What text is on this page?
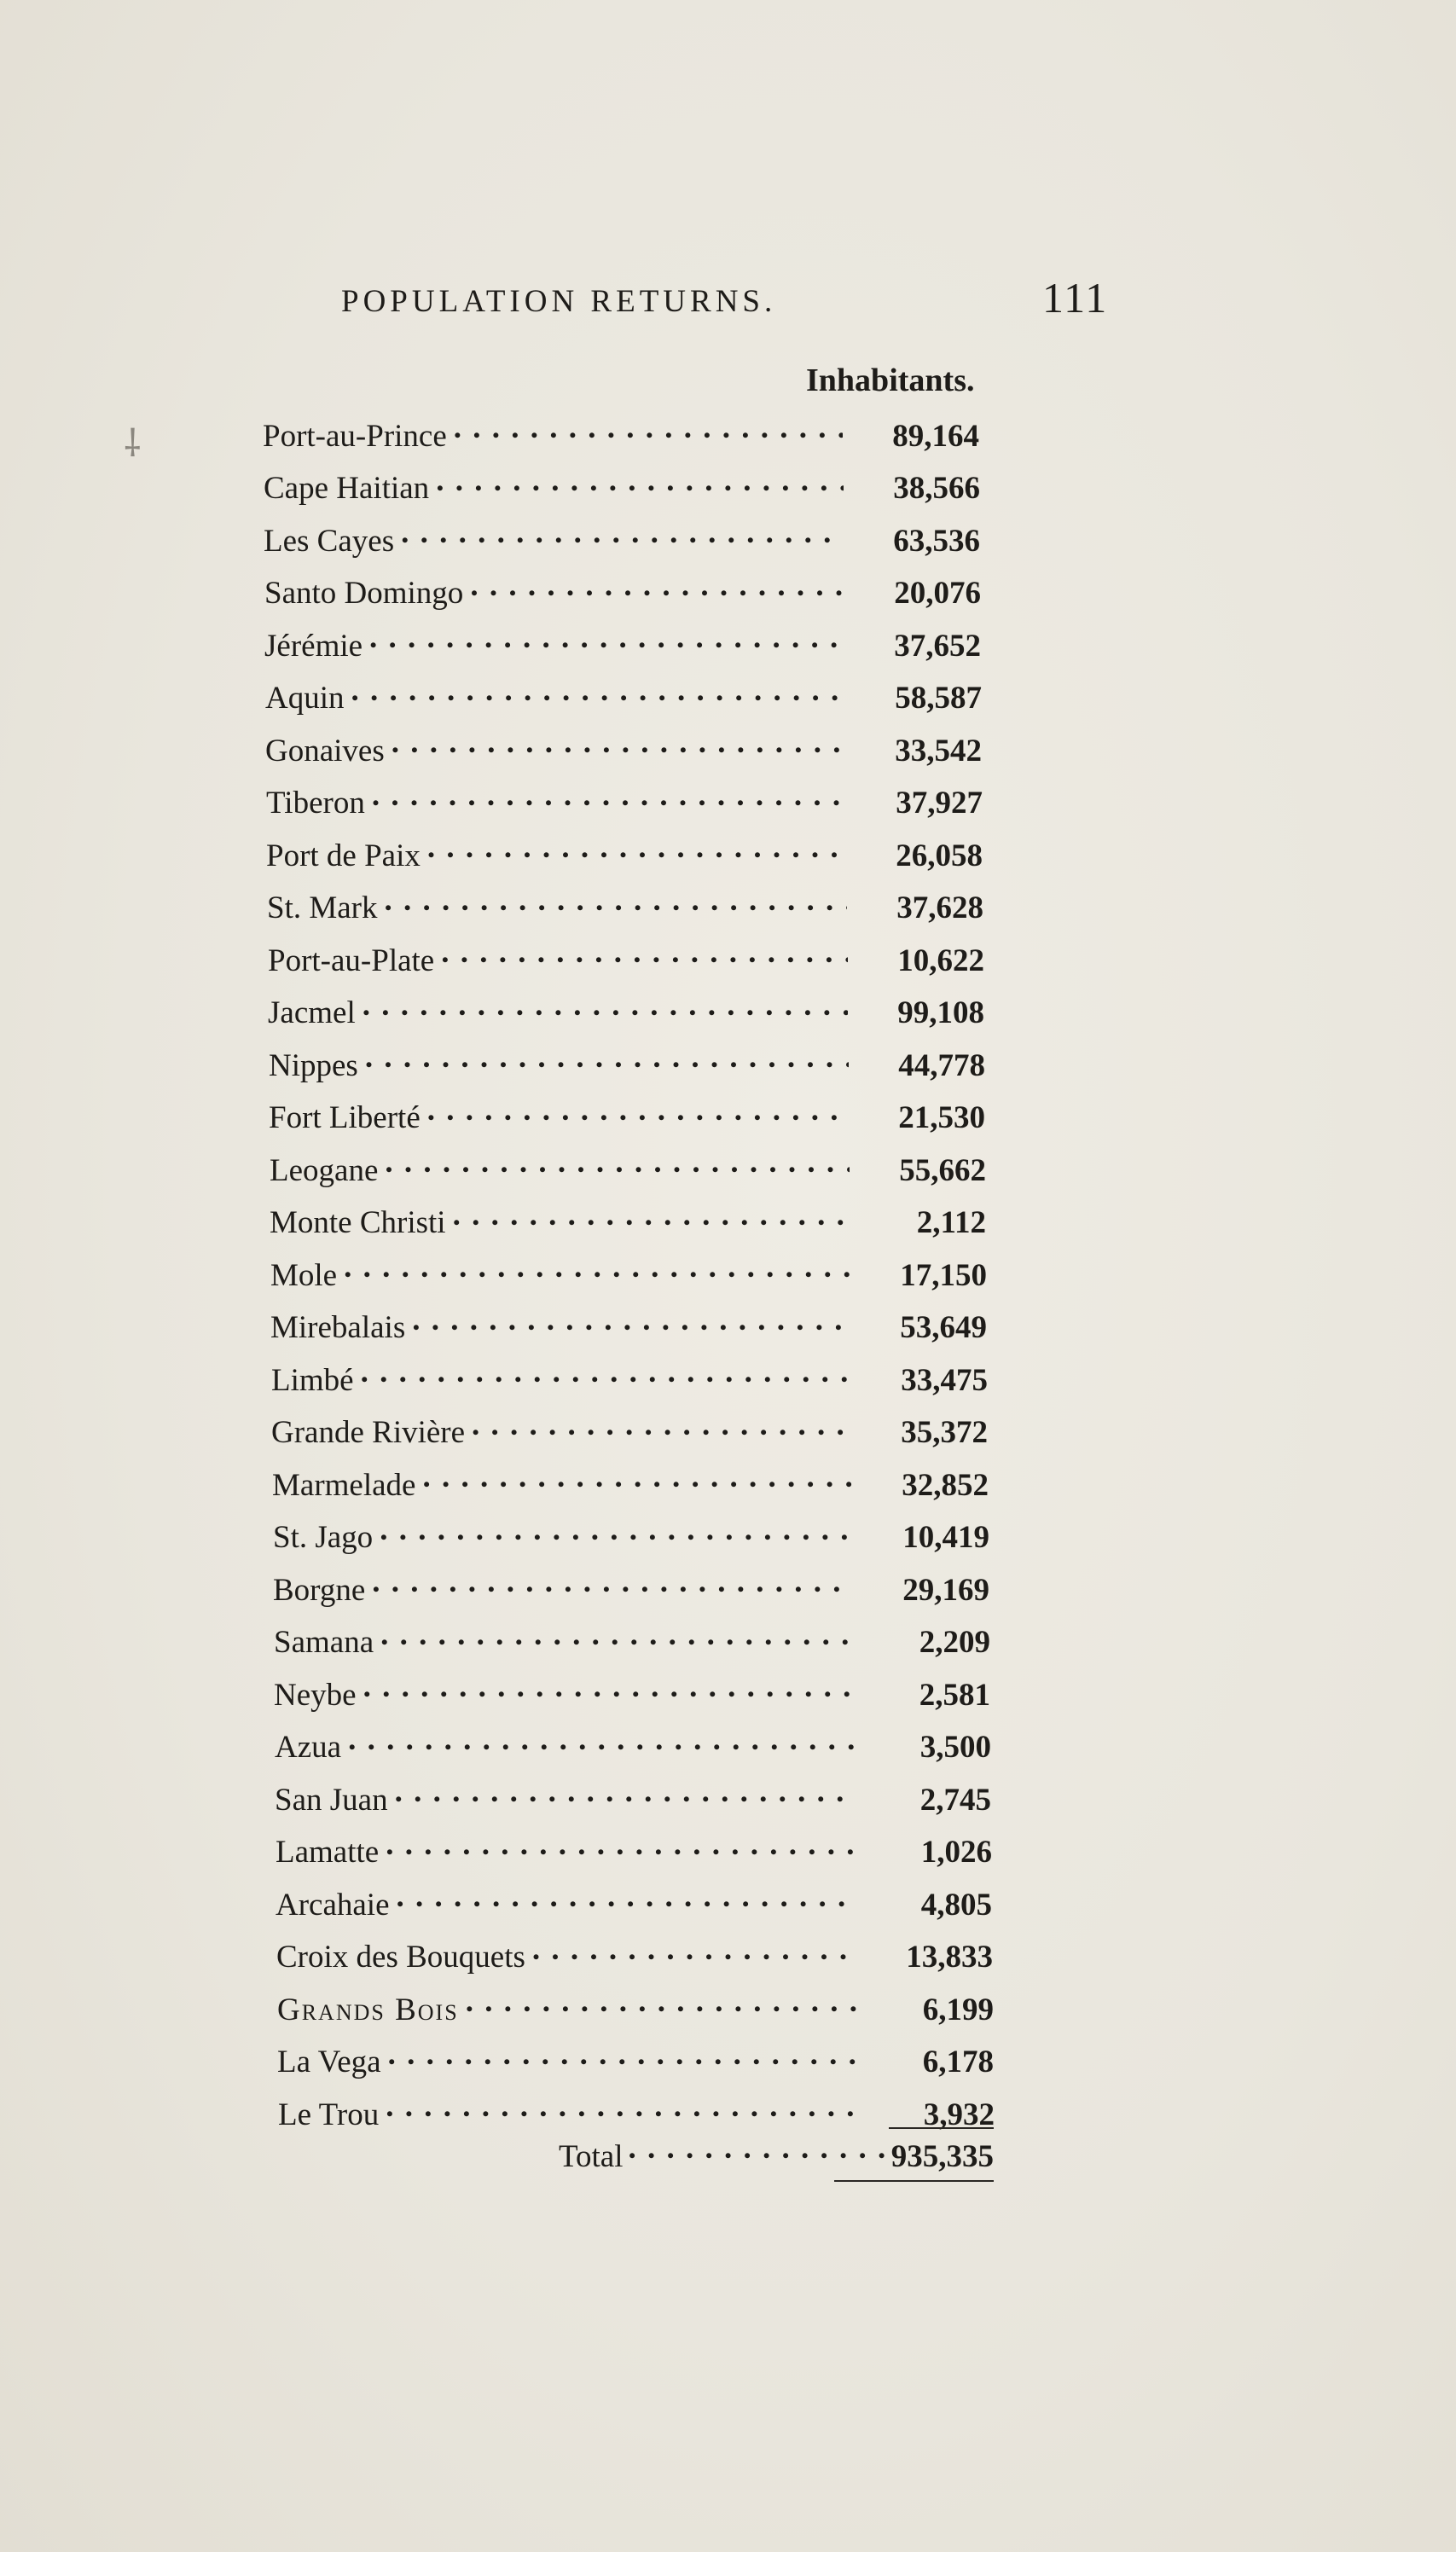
⸸
POPULATION RETURNS.	111
Inhabitants.
Port-au-Prince . . .	89,164
Cape Haitian . . .	38,566
Les Cayes . . .	63,536
Santo Domingo . . .	20,076
Jérémie . . .	37,652
Aquin . . .	58,587
Gonaives . . .	33,542
Tiberon . . .	37,927
Port de Paix . . .	26,058
St. Mark . . .	37,628
Port-au-Plate . . .	10,622
Jacmel . . .	99,108
Nippes . . .	44,778
Fort Liberté . . .	21,530
Leogane . . .	55,662
Monte Christi . . .	2,112
Mole . . .	17,150
Mirebalais . . .	53,649
Limbé . . .	33,475
Grande Rivière . . .	35,372
Marmelade . . .	32,852
St. Jago . . .	10,419
Borgne . . .	29,169
Samana . . .	2,209
Neybe . . .	2,581
Azua . . .	3,500
San Juan . . .	2,745
Lamatte . . .	1,026
Arcahaie . . .	4,805
Croix des Bouquets . . .	13,833
Grands Bois . . .	6,199
La Vega . . .	6,178
Le Trou . . .	3,932
Total . . .	935,335
